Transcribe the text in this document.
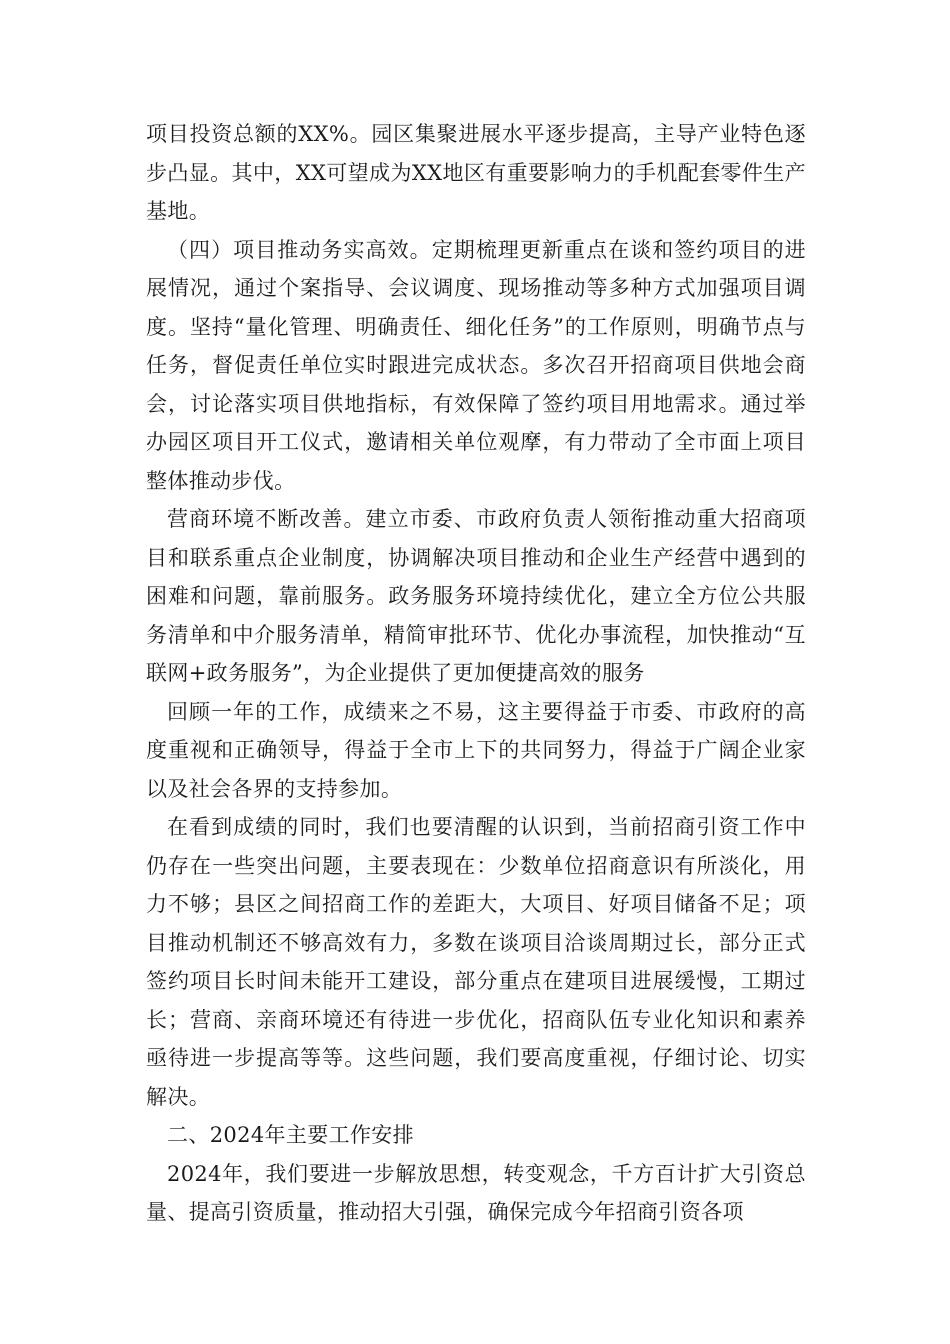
项目投资总额的XX%。园区集聚进展水平逐步提高，主导产业特色逐步凸显。其中，XX可望成为XX地区有重要影响力的手机配套零件生产基地。

（四）项目推动务实高效。定期梳理更新重点在谈和签约项目的进展情况，通过个案指导、会议调度、现场推动等多种方式加强项目调度。坚持“量化管理、明确责任、细化任务”的工作原则，明确节点与任务，督促责任单位实时跟进完成状态。多次召开招商项目供地会商会，讨论落实项目供地指标，有效保障了签约项目用地需求。通过举办园区项目开工仪式，邀请相关单位观摩，有力带动了全市面上项目整体推动步伐。

营商环境不断改善。建立市委、市政府负责人领衔推动重大招商项目和联系重点企业制度，协调解决项目推动和企业生产经营中遇到的困难和问题，靠前服务。政务服务环境持续优化，建立全方位公共服务清单和中介服务清单，精简审批环节、优化办事流程，加快推动“互联网+政务服务”，为企业提供了更加便捷高效的服务

回顾一年的工作，成绩来之不易，这主要得益于市委、市政府的高度重视和正确领导，得益于全市上下的共同努力，得益于广阔企业家以及社会各界的支持参加。

在看到成绩的同时，我们也要清醒的认识到，当前招商引资工作中仍存在一些突出问题，主要表现在：少数单位招商意识有所淡化，用力不够；县区之间招商工作的差距大，大项目、好项目储备不足；项目推动机制还不够高效有力，多数在谈项目洽谈周期过长，部分正式签约项目长时间未能开工建设，部分重点在建项目进展缓慢，工期过长；营商、亲商环境还有待进一步优化，招商队伍专业化知识和素养亟待进一步提高等等。这些问题，我们要高度重视，仔细讨论、切实解决。

二、2024年主要工作安排

2024年，我们要进一步解放思想，转变观念，千方百计扩大引资总量、提高引资质量，推动招大引强，确保完成今年招商引资各项
